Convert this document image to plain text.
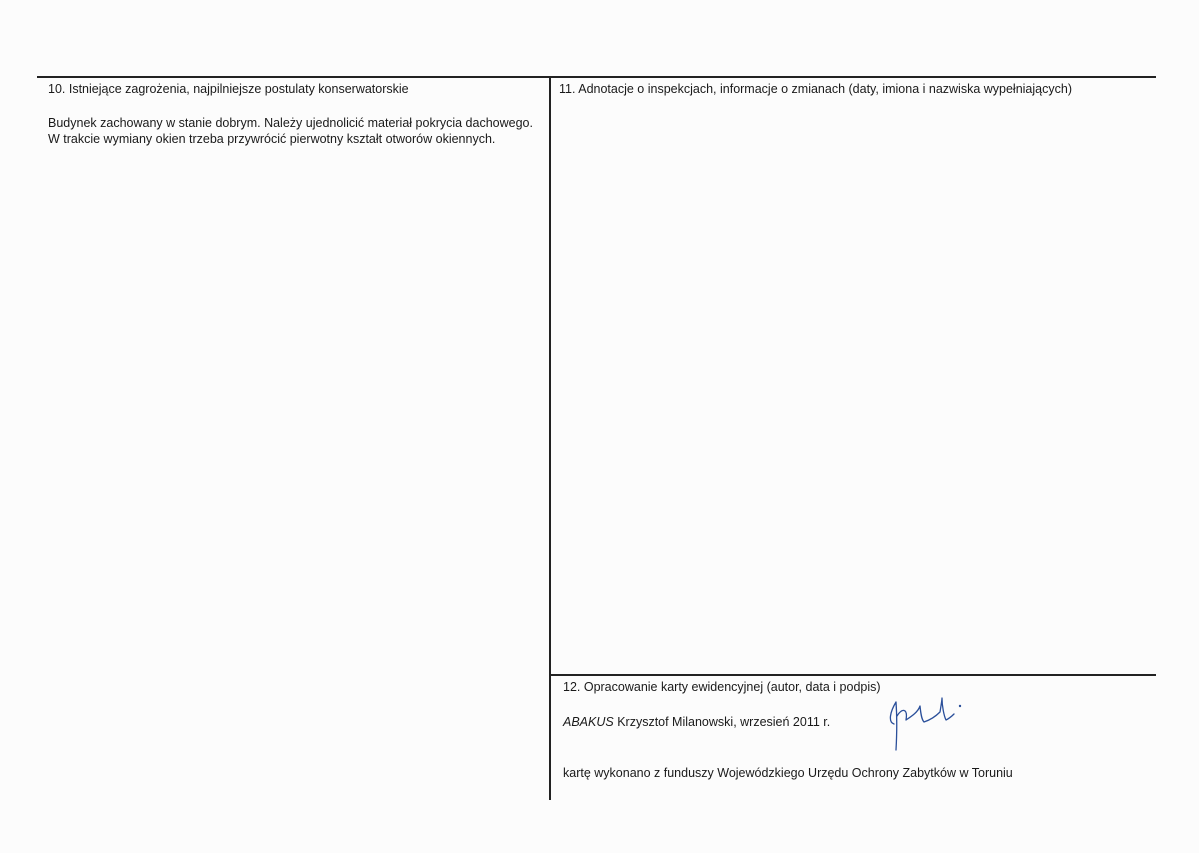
10. Istniejące zagrożenia, najpilniejsze postulaty konserwatorskie
Budynek zachowany w stanie dobrym. Należy ujednolicić materiał pokrycia dachowego. W trakcie wymiany okien trzeba przywrócić pierwotny kształt otworów okiennych.
11. Adnotacje o inspekcjach, informacje o zmianach (daty, imiona i nazwiska wypełniających)
12. Opracowanie karty ewidencyjnej (autor, data i podpis)
ABAKUS Krzysztof Milanowski, wrzesień 2011 r.
kartę wykonano z funduszy Wojewódzkiego Urzędu Ochrony Zabytków w Toruniu
